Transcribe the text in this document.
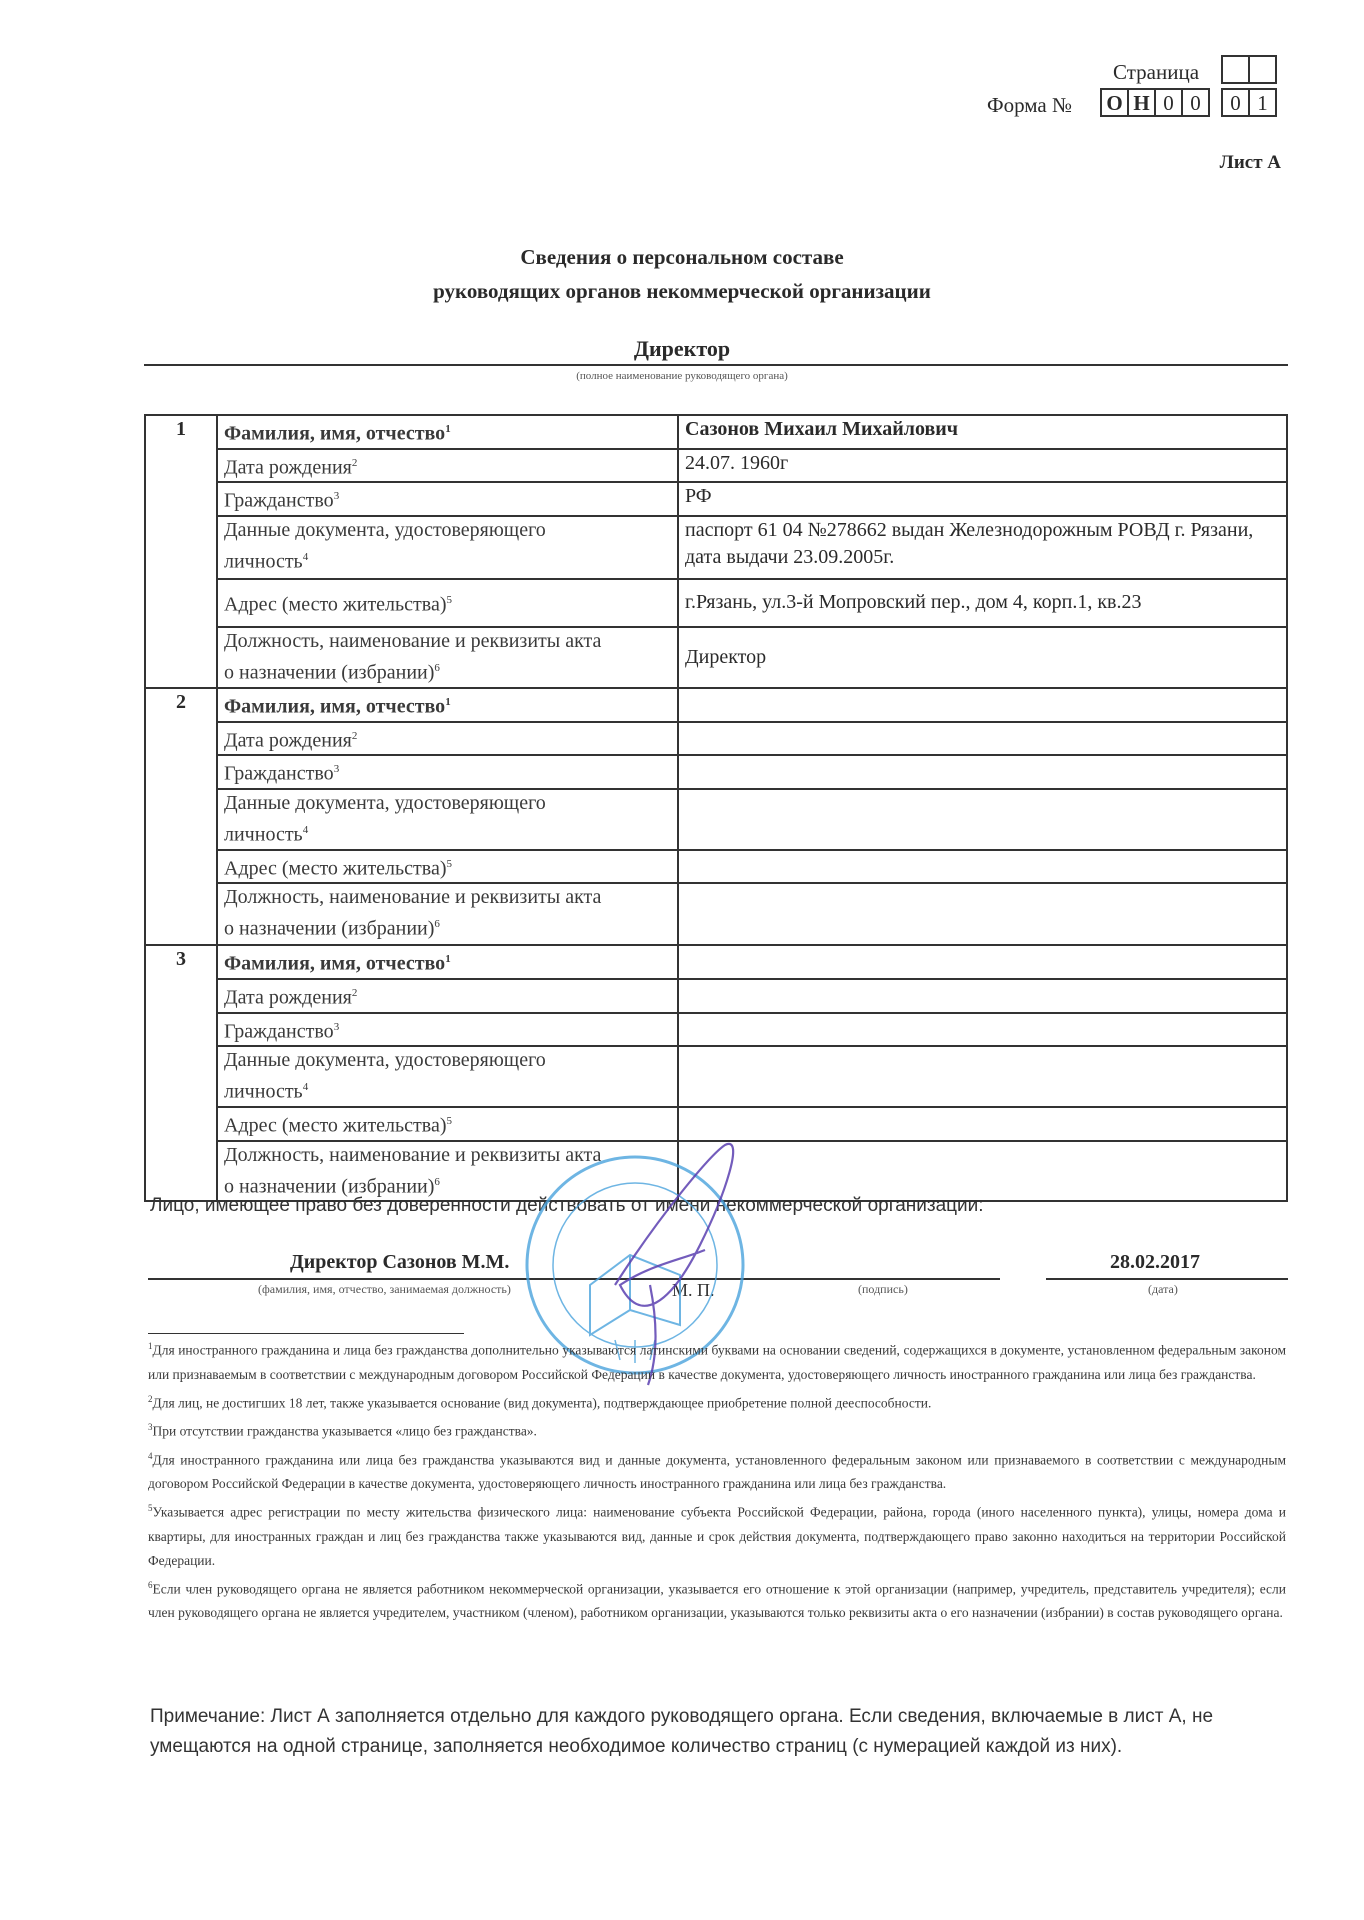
Страница
Форма №	О Н 0 0	0 1
Лист А
Сведения о персональном составе
руководящих органов некоммерческой организации
Директор
(полное наименование руководящего органа)
1	Фамилия, имя, отчество$^1$	Сазонов Михаил Михайлович
	Дата рождения$^2$	24.07. 1960г
	Гражданство$^3$	РФ

	Данные документа, удостоверяющего
личность$^4$	паспорт 61 04 №278662 выдан Железнодорожным РОВД г. Рязани, дата выдачи 23.09.2005г.
	Адрес (место жительства)$^5$	г.Рязань, ул.3-й Мопровский пер., дом 4, корп.1, кв.23

	Должность, наименование и реквизиты акта
о назначении (избрании)$^6$	Директор
2	Фамилия, имя, отчество$^1$	
	Дата рождения$^2$	
	Гражданство$^3$	

	Данные документа, удостоверяющего
личность$^4$	
	Адрес (место жительства)$^5$	

	Должность, наименование и реквизиты акта
о назначении (избрании)$^6$	
3	Фамилия, имя, отчество$^1$	
	Дата рождения$^2$	
	Гражданство$^3$	

	Данные документа, удостоверяющего
личность$^4$	
	Адрес (место жительства)$^5$	

	Должность, наименование и реквизиты акта
о назначении (избрании)$^6$	
Лицо, имеющее право без доверенности действовать от имени некоммерческой организации:
Директор Сазонов М.М.
(фамилия, имя, отчество, занимаемая должность)	М. П.	(подпись)
28.02.2017
(дата)

$^1$Для иностранного гражданина и лица без гражданства дополнительно указываются латинскими буквами на основании сведений, содержащихся в документе, установленном федеральным законом или признаваемым в соответствии с международным договором Российской Федерации в качестве документа, удостоверяющего личность иностранного гражданина или лица без гражданства.

$^2$Для лиц, не достигших 18 лет, также указывается основание (вид документа), подтверждающее приобретение полной дееспособности.

$^3$При отсутствии гражданства указывается «лицо без гражданства».

$^4$Для иностранного гражданина или лица без гражданства указываются вид и данные документа, установленного федеральным законом или признаваемого в соответствии с международным договором Российской Федерации в качестве документа, удостоверяющего личность иностранного гражданина или лица без гражданства.

$^5$Указывается адрес регистрации по месту жительства физического лица: наименование субъекта Российской Федерации, района, города (иного населенного пункта), улицы, номера дома и квартиры, для иностранных граждан и лиц без гражданства также указываются вид, данные и срок действия документа, подтверждающего право законно находиться на территории Российской Федерации.

$^6$Если член руководящего органа не является работником некоммерческой организации, указывается его отношение к этой организации (например, учредитель, представитель учредителя); если член руководящего органа не является учредителем, участником (членом), работником организации, указываются только реквизиты акта о его назначении (избрании) в состав руководящего органа.

Примечание: Лист А заполняется отдельно для каждого руководящего органа. Если сведения, включаемые в лист А, не умещаются на одной странице, заполняется необходимое количество страниц (с нумерацией каждой из них).
